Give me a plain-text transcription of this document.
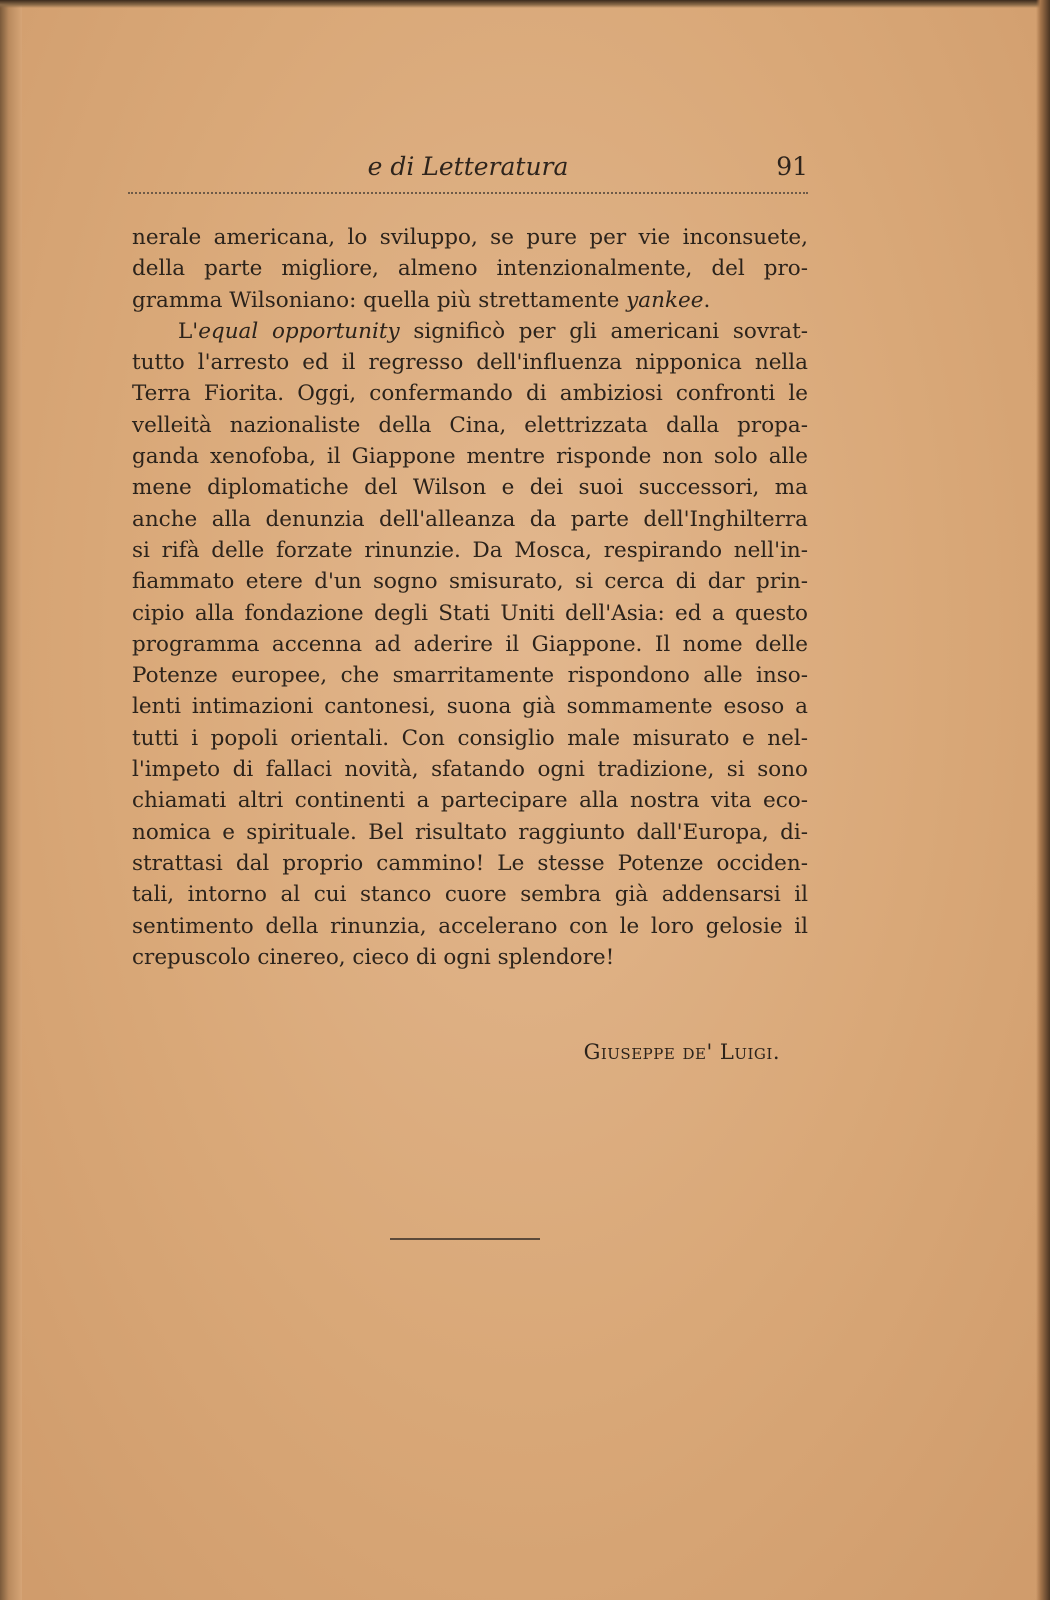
e di Letteratura	91
nerale americana, lo sviluppo, se pure per vie inconsuete,
della parte migliore, almeno intenzionalmente, del pro-
gramma Wilsoniano: quella più strettamente yankee.
L'equal opportunity significò per gli americani sovrat-
tutto l'arresto ed il regresso dell'influenza nipponica nella
Terra Fiorita. Oggi, confermando di ambiziosi confronti le
velleità nazionaliste della Cina, elettrizzata dalla propa-
ganda xenofoba, il Giappone mentre risponde non solo alle
mene diplomatiche del Wilson e dei suoi successori, ma
anche alla denunzia dell'alleanza da parte dell'Inghilterra
si rifà delle forzate rinunzie. Da Mosca, respirando nell'in-
fiammato etere d'un sogno smisurato, si cerca di dar prin-
cipio alla fondazione degli Stati Uniti dell'Asia: ed a questo
programma accenna ad aderire il Giappone. Il nome delle
Potenze europee, che smarritamente rispondono alle inso-
lenti intimazioni cantonesi, suona già sommamente esoso a
tutti i popoli orientali. Con consiglio male misurato e nel-
l'impeto di fallaci novità, sfatando ogni tradizione, si sono
chiamati altri continenti a partecipare alla nostra vita eco-
nomica e spirituale. Bel risultato raggiunto dall'Europa, di-
strattasi dal proprio cammino! Le stesse Potenze occiden-
tali, intorno al cui stanco cuore sembra già addensarsi il
sentimento della rinunzia, accelerano con le loro gelosie il
crepuscolo cinereo, cieco di ogni splendore!
Giuseppe de' Luigi.
